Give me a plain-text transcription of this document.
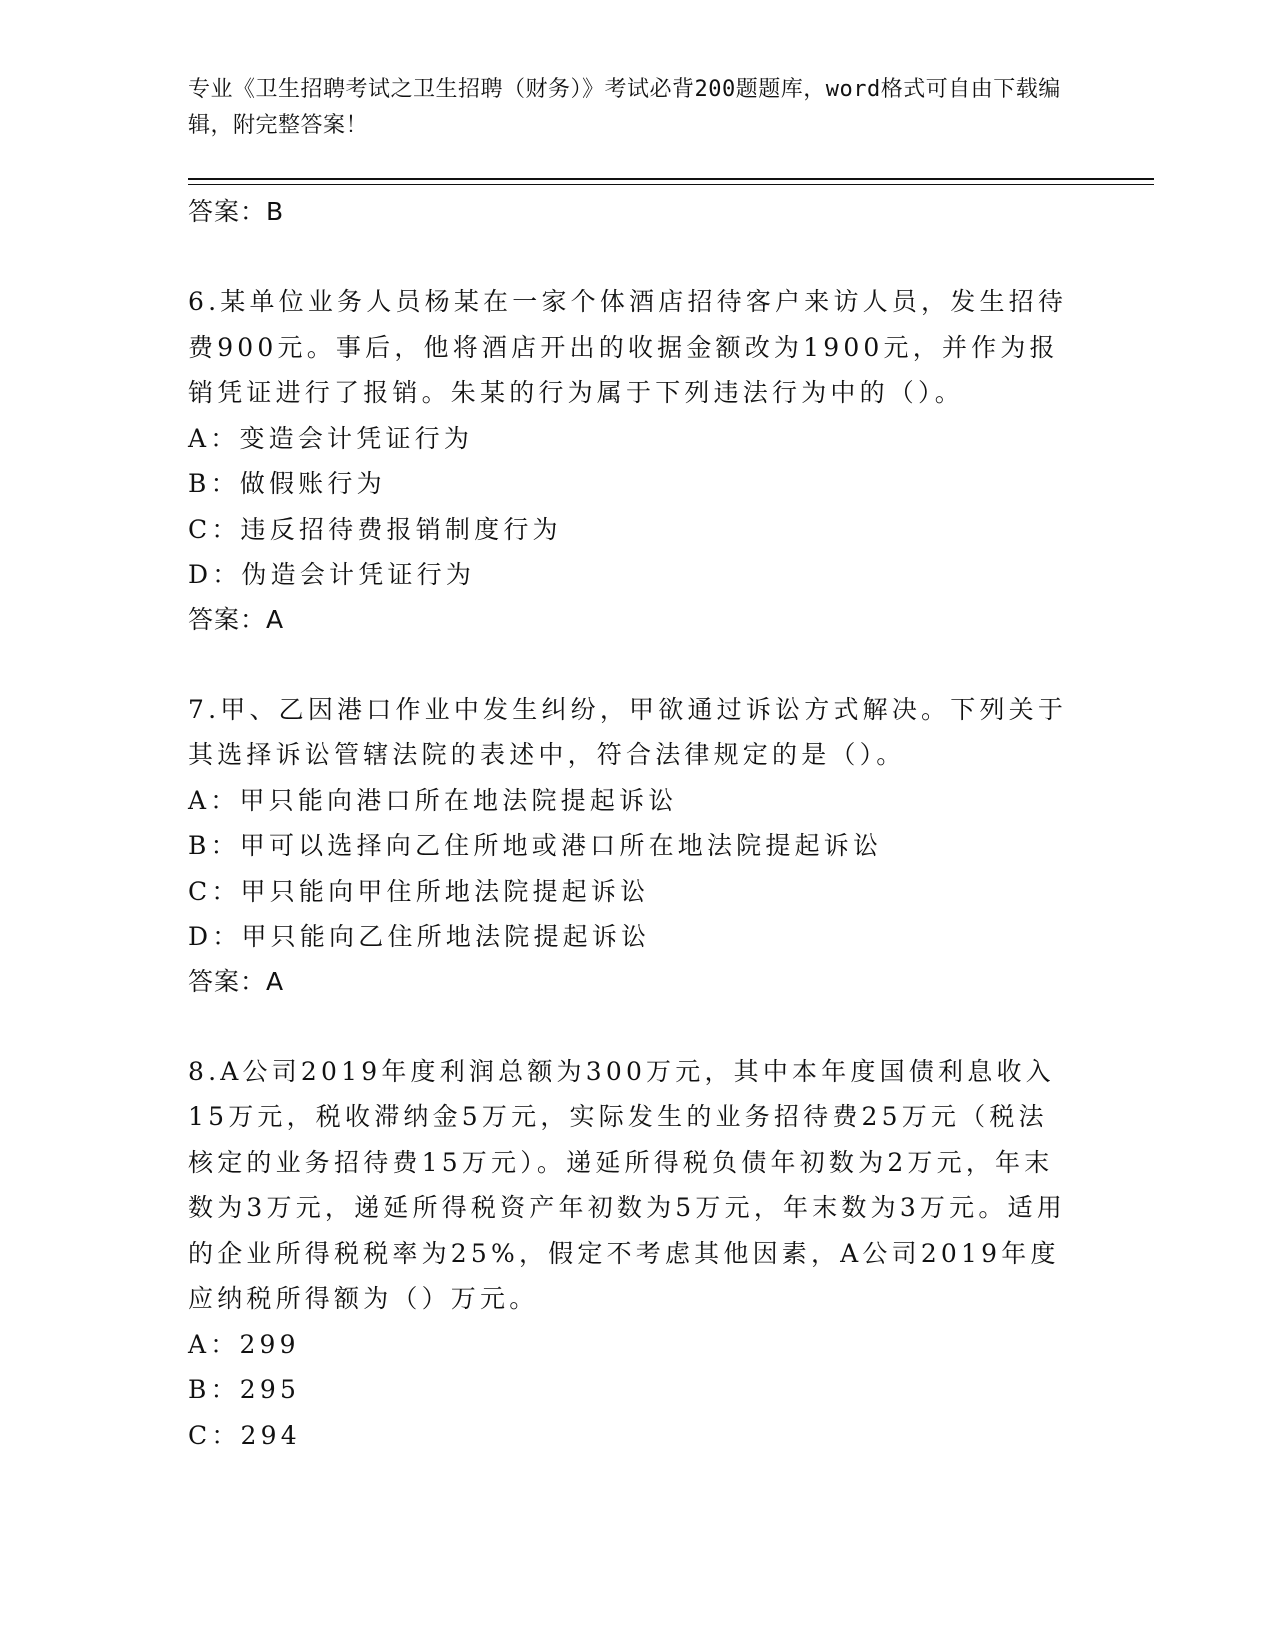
专业《卫生招聘考试之卫生招聘（财务）》考试必背200题题库，word格式可自由下载编辑，附完整答案！
答案：B
6.某单位业务人员杨某在一家个体酒店招待客户来访人员，发生招待费900元。事后，他将酒店开出的收据金额改为1900元，并作为报销凭证进行了报销。朱某的行为属于下列违法行为中的（）。
A：变造会计凭证行为
B：做假账行为
C：违反招待费报销制度行为
D：伪造会计凭证行为
答案：A
7.甲、乙因港口作业中发生纠纷，甲欲通过诉讼方式解决。下列关于其选择诉讼管辖法院的表述中，符合法律规定的是（）。
A：甲只能向港口所在地法院提起诉讼
B：甲可以选择向乙住所地或港口所在地法院提起诉讼
C：甲只能向甲住所地法院提起诉讼
D：甲只能向乙住所地法院提起诉讼
答案：A
8.A公司2019年度利润总额为300万元，其中本年度国债利息收入15万元，税收滞纳金5万元，实际发生的业务招待费25万元（税法核定的业务招待费15万元）。递延所得税负债年初数为2万元，年末数为3万元，递延所得税资产年初数为5万元，年末数为3万元。适用的企业所得税税率为25%，假定不考虑其他因素，A公司2019年度应纳税所得额为（）万元。
A：299
B：295
C：294
